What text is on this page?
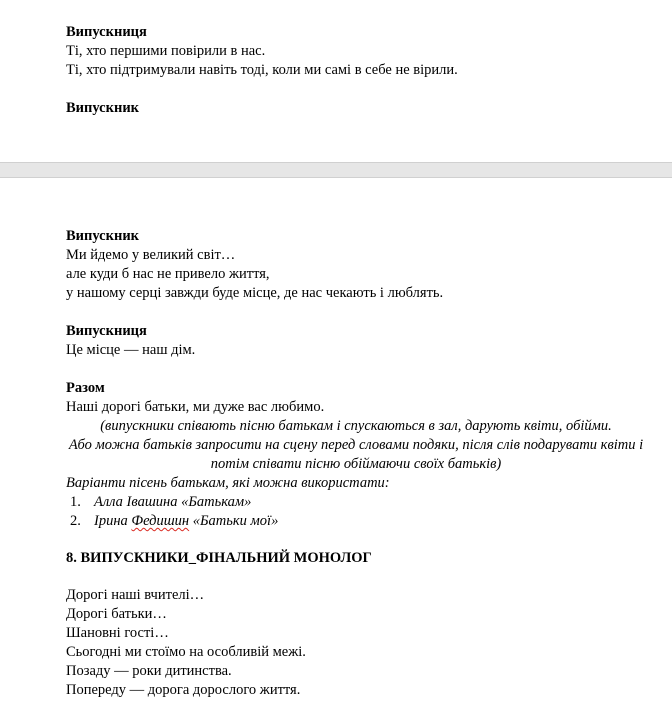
Випускниця
Ті, хто першими повірили в нас.
Ті, хто підтримували навіть тоді, коли ми самі в себе не вірили.
Випускник
Випускник
Ми йдемо у великий світ…
але куди б нас не привело життя,
у нашому серці завжди буде місце, де нас чекають і люблять.
Випускниця
Це місце — наш дім.
Разом
Наші дорогі батьки, ми дуже вас любимо.
(випускники співають пісню батькам і спускаються в зал, дарують квіти, обійми.
Або можна батьків запросити на сцену перед словами подяки, після слів подарувати квіти і
потім співати пісню обіймаючи своїх батьків)
Варіанти пісень батькам, які можна використати:
1. Алла Івашина «Батькам»
2. Ірина Федишин «Батьки мої»
8. ВИПУСКНИКИ_ФІНАЛЬНИЙ МОНОЛОГ
Дорогі наші вчителі…
Дорогі батьки…
Шановні гості…
Сьогодні ми стоїмо на особливій межі.
Позаду — роки дитинства.
Попереду — дорога дорослого життя.
